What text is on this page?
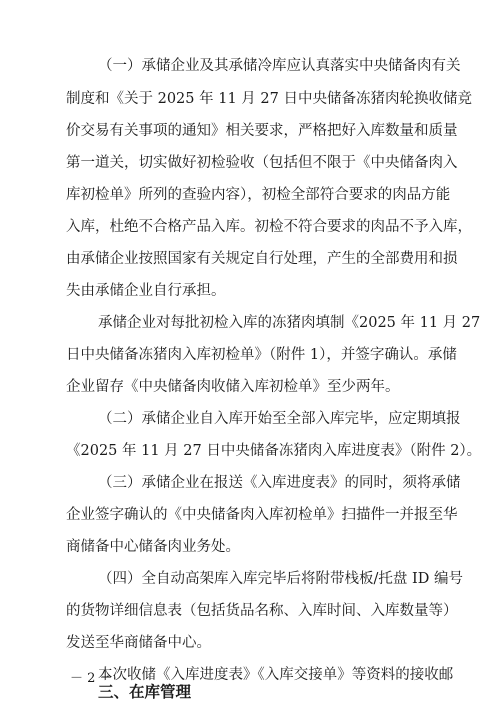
（一）承储企业及其承储冷库应认真落实中央储备肉有关
制度和《关于 2025 年 11 月 27 日中央储备冻猪肉轮换收储竞
价交易有关事项的通知》相关要求，严格把好入库数量和质量
第一道关，切实做好初检验收（包括但不限于《中央储备肉入
库初检单》所列的查验内容），初检全部符合要求的肉品方能
入库，杜绝不合格产品入库。初检不符合要求的肉品不予入库，
由承储企业按照国家有关规定自行处理，产生的全部费用和损
失由承储企业自行承担。
承储企业对每批初检入库的冻猪肉填制《2025 年 11 月 27
日中央储备冻猪肉入库初检单》（附件 1），并签字确认。承储
企业留存《中央储备肉收储入库初检单》至少两年。
（二）承储企业自入库开始至全部入库完毕，应定期填报
《2025 年 11 月 27 日中央储备冻猪肉入库进度表》（附件 2）。
（三）承储企业在报送《入库进度表》的同时，须将承储
企业签字确认的《中央储备肉入库初检单》扫描件一并报至华
商储备中心储备肉业务处。
（四）全自动高架库入库完毕后将附带栈板/托盘 ID 编号
的货物详细信息表（包括货品名称、入库时间、入库数量等）
发送至华商储备中心。
本次收储《入库进度表》《入库交接单》等资料的接收邮
三、在库管理
－ 2 －
